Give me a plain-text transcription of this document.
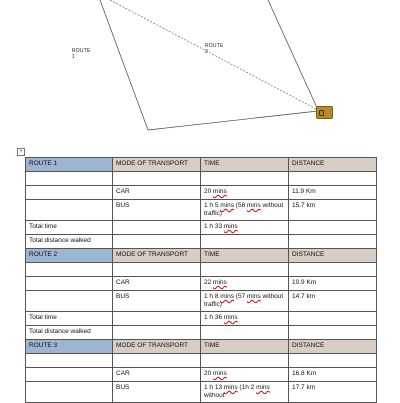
ROUTE
1
ROUTE
2
+
ROUTE 1	MODE OF TRANSPORT	TIME	DISTANCE

	CAR	20 mins	11.9 Km
	BUS	1 h 5 mins (58 mins without traffic)	15.7 km
Total time		1 h 33 mins	
Total distance walked			
ROUTE 2	MODE OF TRANSPORT	TIME	DISTANCE

	CAR	22 mins	10.9 Km
	BUS	1 h 8 mins (57 mins without traffic)	14.7 km
Total time		1 h 36 mins	
Total distance walked			
ROUTE 3	MODE OF TRANSPORT	TIME	DISTANCE

	CAR	20 mins	16.8 Km
	BUS	1 h 13 mins (1h 2 mins without	17.7 km
